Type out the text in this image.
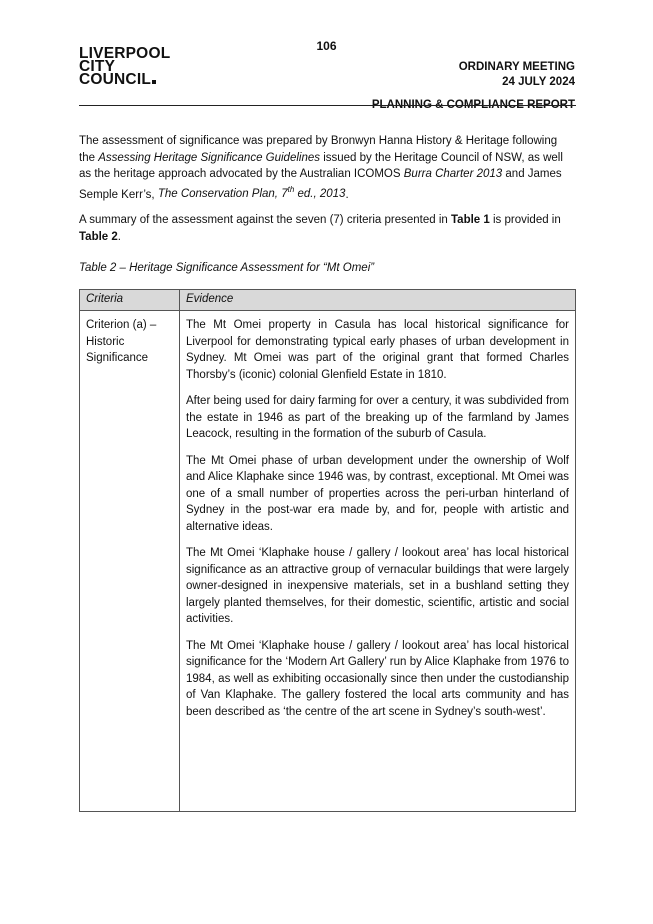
106
LIVERPOOL
CITY
COUNCIL
ORDINARY MEETING
24 JULY 2024
PLANNING & COMPLIANCE REPORT
The assessment of significance was prepared by Bronwyn Hanna History & Heritage following the Assessing Heritage Significance Guidelines issued by the Heritage Council of NSW, as well as the heritage approach advocated by the Australian ICOMOS Burra Charter 2013 and James Semple Kerr’s, The Conservation Plan, 7th ed., 2013.
A summary of the assessment against the seven (7) criteria presented in Table 1 is provided in Table 2.
Table 2 – Heritage Significance Assessment for “Mt Omei”
Criteria	Evidence
Criterion (a) – Historic Significance	The Mt Omei property in Casula has local historical significance for Liverpool for demonstrating typical early phases of urban development in Sydney. Mt Omei was part of the original grant that formed Charles Thorsby’s (iconic) colonial Glenfield Estate in 1810.

After being used for dairy farming for over a century, it was subdivided from the estate in 1946 as part of the breaking up of the farmland by James Leacock, resulting in the formation of the suburb of Casula.

The Mt Omei phase of urban development under the ownership of Wolf and Alice Klaphake since 1946 was, by contrast, exceptional. Mt Omei was one of a small number of properties across the peri-urban hinterland of Sydney in the post-war era made by, and for, people with artistic and alternative ideas.

The Mt Omei ‘Klaphake house / gallery / lookout area’ has local historical significance as an attractive group of vernacular buildings that were largely owner-designed in inexpensive materials, set in a bushland setting they largely planted themselves, for their domestic, scientific, artistic and social activities.

The Mt Omei ‘Klaphake house / gallery / lookout area’ has local historical significance for the ‘Modern Art Gallery’ run by Alice Klaphake from 1976 to 1984, as well as exhibiting occasionally since then under the custodianship of Van Klaphake. The gallery fostered the local arts community and has been described as ‘the centre of the art scene in Sydney’s south-west’.
